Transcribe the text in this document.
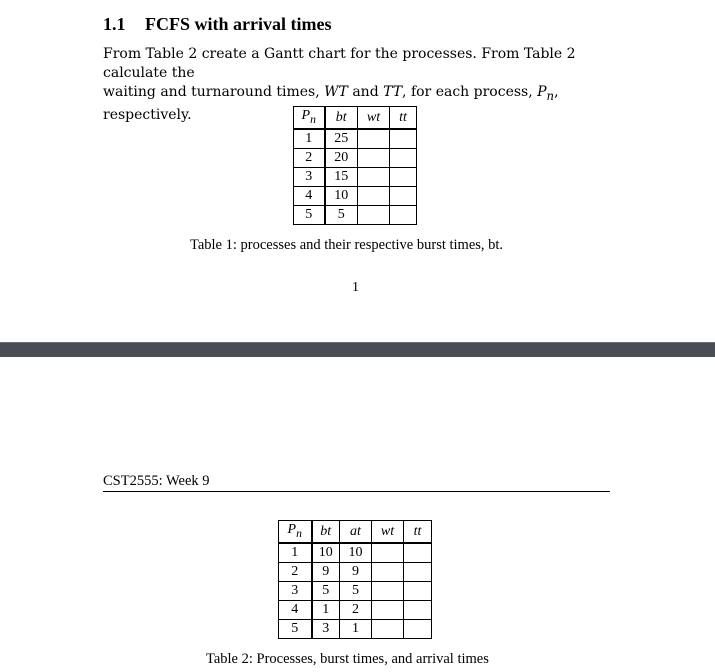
1.1 FCFS with arrival times

From Table 2 create a Gantt chart for the processes. From Table 2 calculate the
waiting and turnaround times, WT and TT, for each process, $P_n$, respectively.	$P_n$	bt	wt	tt
1	25		
2	20		
3	15		
4	10		
5	5		

Table 1: processes and their respective burst times, bt.

1

CST2555: Week 9
$P_n$	bt	at	wt	tt
1	10	10		
2	9	9		
3	5	5		
4	1	2		
5	3	1		

Table 2: Processes, burst times, and arrival times
